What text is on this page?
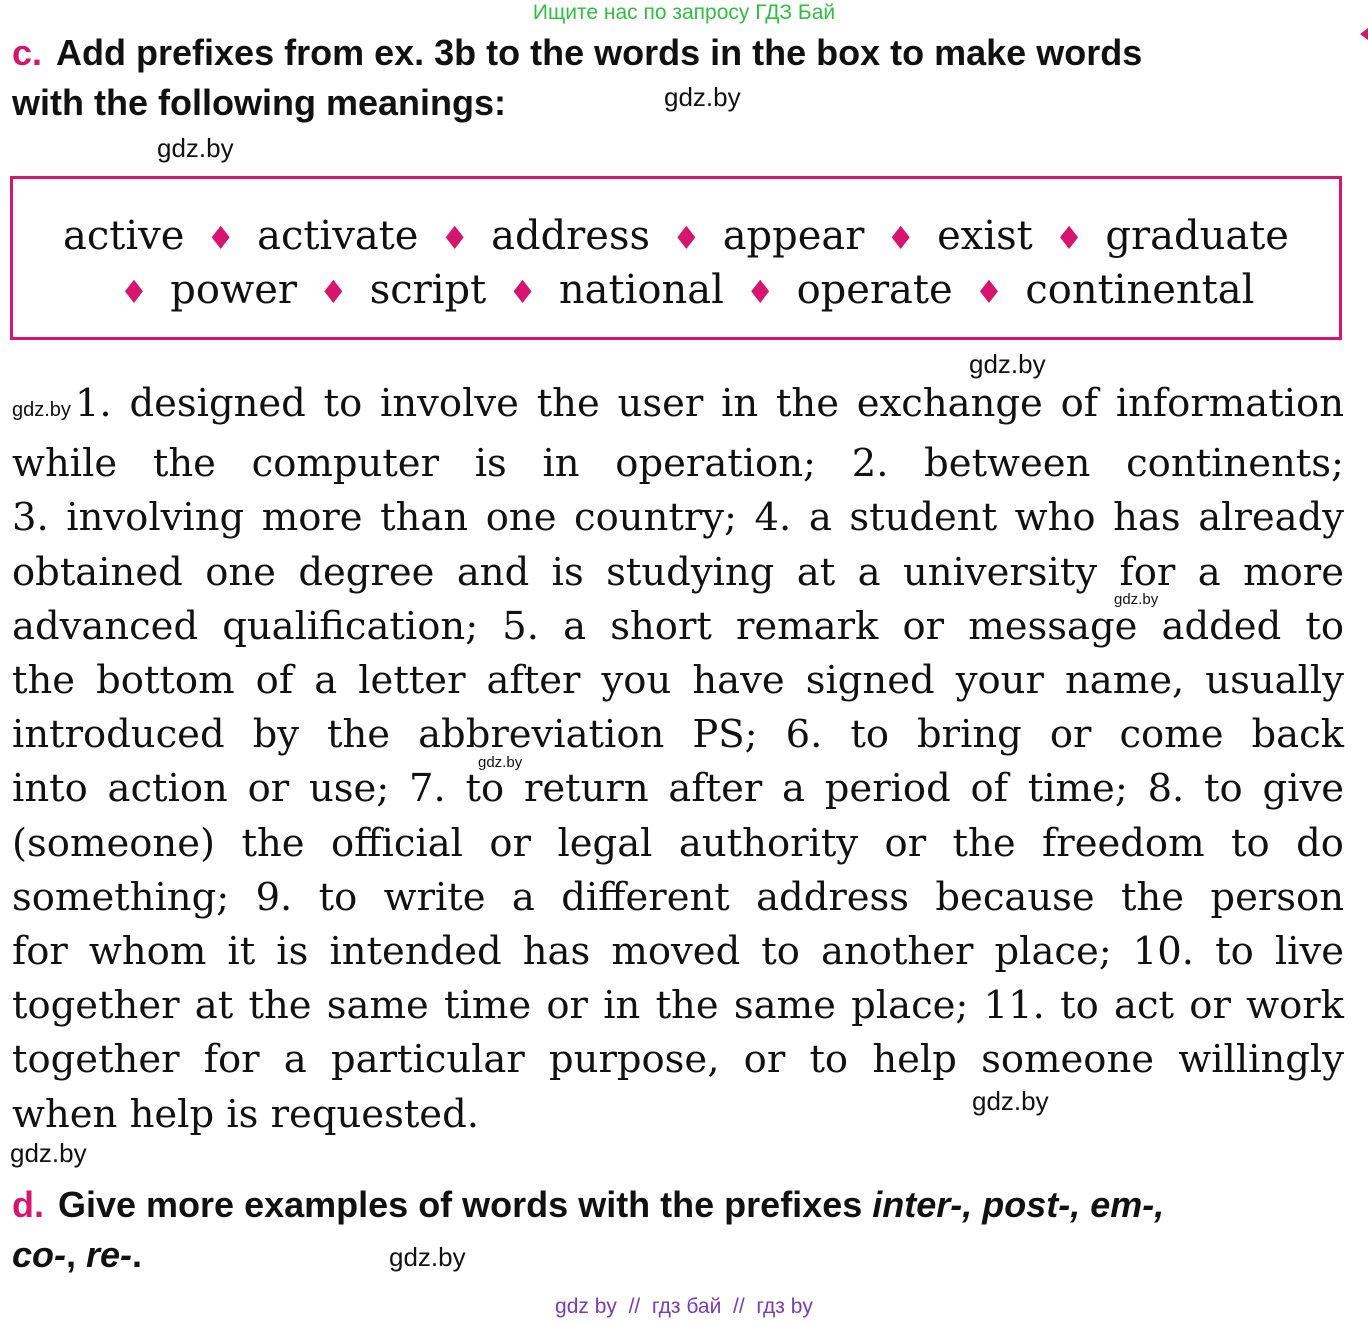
Ищите нас по запросу ГДЗ Бай
c. Add prefixes from ex. 3b to the words in the box to make words
with the following meanings:	gdz.by
gdz.by
active ♦ activate ♦ address ♦ appear ♦ exist ♦ graduate
♦ power ♦ script ♦ national ♦ operate ♦ continental
gdz.by
gdz.by 1. designed to involve the user in the exchange of information
while the computer is in operation; 2. between continents;
3. involving more than one country; 4. a student who has already
obtained one degree and is studying at a university for a more
advanced qualification; 5. a short remark or message added to
the bottom of a letter after you have signed your name, usually
introduced by the abbreviation PS; 6. to bring or come back
into action or use; 7. to return after a period of time; 8. to give
(someone) the official or legal authority or the freedom to do
something; 9. to write a different address because the person
for whom it is intended has moved to another place; 10. to live
together at the same time or in the same place; 11. to act or work
together for a particular purpose, or to help someone willingly
when help is requested.
gdz.by
gdz.by
gdz.by
gdz.by
d. Give more examples of words with the prefixes inter-, post-, em-,
co-, re-.	gdz.by
gdz by  //  гдз бай  //  гдз by
